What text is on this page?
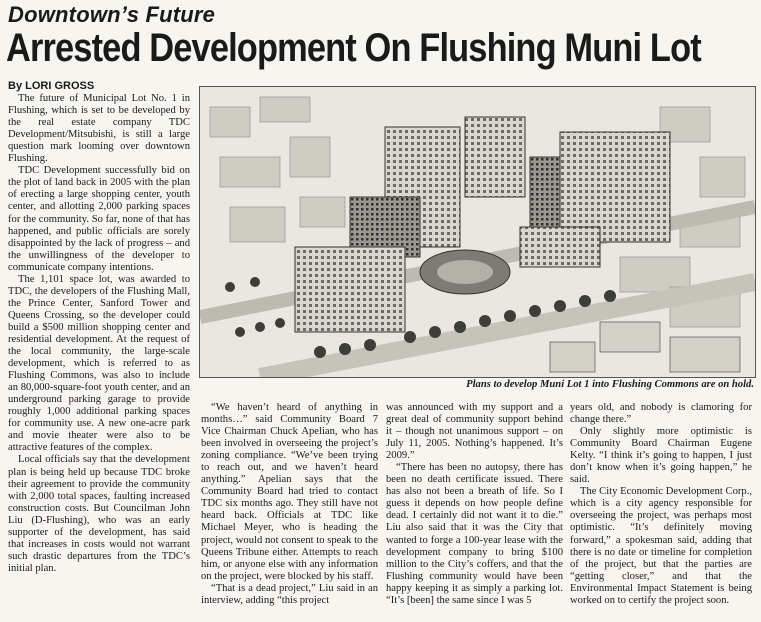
Downtown’s Future
Arrested Development On Flushing Muni Lot

By LORI GROSS

The future of Municipal Lot No. 1 in Flushing, which is set to be developed by the real estate company TDC Development/Mitsubishi, is still a large question mark looming over downtown Flushing.

TDC Development successfully bid on the plot of land back in 2005 with the plan of erecting a large shopping center, youth center, and allotting 2,000 parking spaces for the community. So far, none of that has happened, and public officials are sorely disappointed by the lack of progress – and the unwillingness of the developer to communicate company intentions.

The 1,101 space lot, was awarded to TDC, the developers of the Flushing Mall, the Prince Center, Sanford Tower and Queens Crossing, so the developer could build a $500 million shopping center and residential development. At the request of the local community, the large-scale development, which is referred to as Flushing Commons, was also to include an 80,000-square-foot youth center, and an underground parking garage to provide roughly 1,000 additional parking spaces for community use. A new one-acre park and movie theater were also to be attractive features of the complex.

Local officials say that the development plan is being held up because TDC broke their agreement to provide the community with 2,000 total spaces, faulting increased construction costs. But Councilman John Liu (D-Flushing), who was an early supporter of the development, has said that increases in costs would not warrant such drastic departures from the TDC’s initial plan.

Plans to develop Muni Lot 1 into Flushing Commons are on hold.

“We haven’t heard of anything in months…” said Community Board 7 Vice Chairman Chuck Apelian, who has been involved in overseeing the project’s zoning compliance. “We’ve been trying to reach out, and we haven’t heard anything.” Apelian says that the Community Board had tried to contact TDC six months ago. They still have not heard back. Officials at TDC like Michael Meyer, who is heading the project, would not consent to speak to the Queens Tribune either. Attempts to reach him, or anyone else with any information on the project, were blocked by his staff.

“That is a dead project,” Liu said in an interview, adding “this project

was announced with my support and a great deal of community support behind it – though not unanimous support – on July 11, 2005. Nothing’s happened. It’s 2009.”

“There has been no autopsy, there has been no death certificate issued. There has also not been a breath of life. So I guess it depends on how people define dead. I certainly did not want it to die.” Liu also said that it was the City that wanted to forge a 100-year lease with the development company to bring $100 million to the City’s coffers, and that the Flushing community would have been happy keeping it as simply a parking lot. “It’s [been] the same since I was 5

years old, and nobody is clamoring for change there.”

Only slightly more optimistic is Community Board Chairman Eugene Kelty. “I think it’s going to happen, I just don’t know when it’s going happen,” he said.

The City Economic Development Corp., which is a city agency responsible for overseeing the project, was perhaps most optimistic. “It’s definitely moving forward,” a spokesman said, adding that there is no date or timeline for completion of the project, but that the parties are “getting closer,” and that the Environmental Impact Statement is being worked on to certify the project soon.
